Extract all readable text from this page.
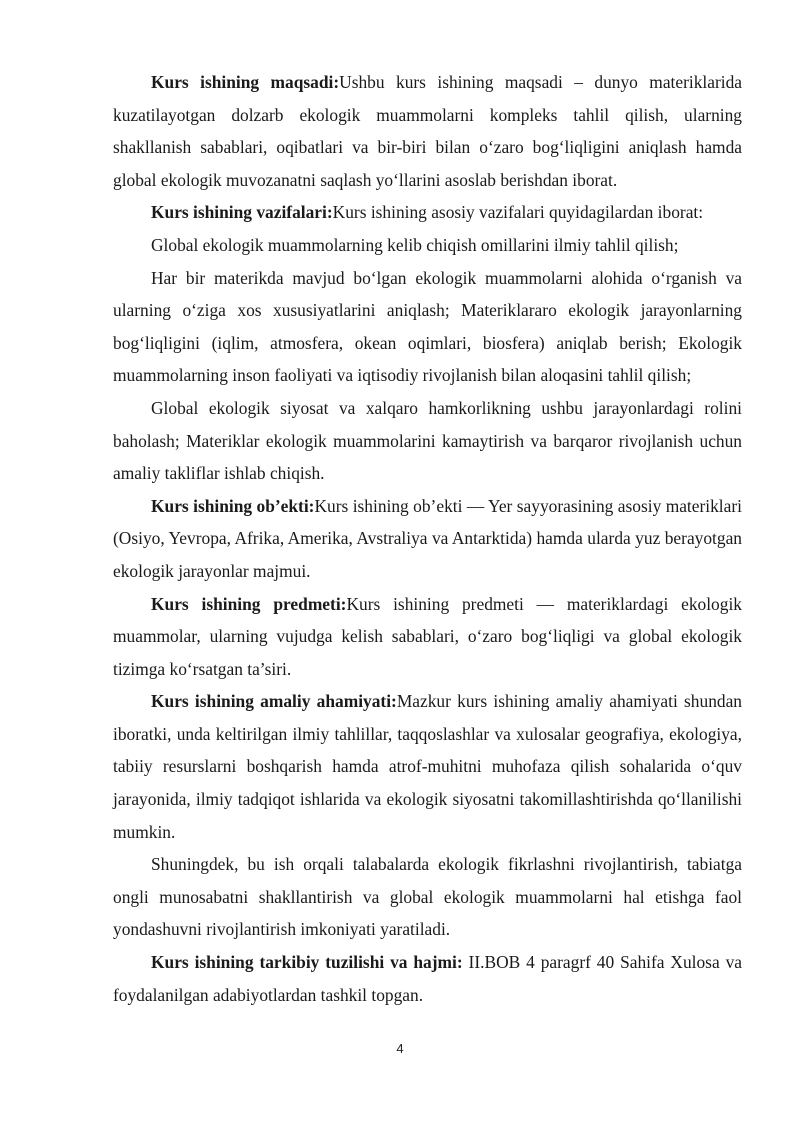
Kurs ishining maqsadi:Ushbu kurs ishining maqsadi – dunyo materiklarida kuzatilayotgan dolzarb ekologik muammolarni kompleks tahlil qilish, ularning shakllanish sabablari, oqibatlari va bir-biri bilan o‘zaro bog‘liqligini aniqlash hamda global ekologik muvozanatni saqlash yo‘llarini asoslab berishdan iborat.

Kurs ishining vazifalari:Kurs ishining asosiy vazifalari quyidagilardan iborat:

Global ekologik muammolarning kelib chiqish omillarini ilmiy tahlil qilish;

Har bir materikda mavjud bo‘lgan ekologik muammolarni alohida o‘rganish va ularning o‘ziga xos xususiyatlarini aniqlash; Materiklararo ekologik jarayonlarning bog‘liqligini (iqlim, atmosfera, okean oqimlari, biosfera) aniqlab berish; Ekologik muammolarning inson faoliyati va iqtisodiy rivojlanish bilan aloqasini tahlil qilish;

Global ekologik siyosat va xalqaro hamkorlikning ushbu jarayonlardagi rolini baholash; Materiklar ekologik muammolarini kamaytirish va barqaror rivojlanish uchun amaliy takliflar ishlab chiqish.

Kurs ishining ob’ekti:Kurs ishining ob’ekti — Yer sayyorasining asosiy materiklari (Osiyo, Yevropa, Afrika, Amerika, Avstraliya va Antarktida) hamda ularda yuz berayotgan ekologik jarayonlar majmui.

Kurs ishining predmeti:Kurs ishining predmeti — materiklardagi ekologik muammolar, ularning vujudga kelish sabablari, o‘zaro bog‘liqligi va global ekologik tizimga ko‘rsatgan ta’siri.

Kurs ishining amaliy ahamiyati:Mazkur kurs ishining amaliy ahamiyati shundan iboratki, unda keltirilgan ilmiy tahlillar, taqqoslashlar va xulosalar geografiya, ekologiya, tabiiy resurslarni boshqarish hamda atrof-muhitni muhofaza qilish sohalarida o‘quv jarayonida, ilmiy tadqiqot ishlarida va ekologik siyosatni takomillashtirishda qo‘llanilishi mumkin.

Shuningdek, bu ish orqali talabalarda ekologik fikrlashni rivojlantirish, tabiatga ongli munosabatni shakllantirish va global ekologik muammolarni hal etishga faol yondashuvni rivojlantirish imkoniyati yaratiladi.

Kurs ishining tarkibiy tuzilishi va hajmi: II.BOB 4 paragrf 40 Sahifa Xulosa va foydalanilgan adabiyotlardan tashkil topgan.

4
